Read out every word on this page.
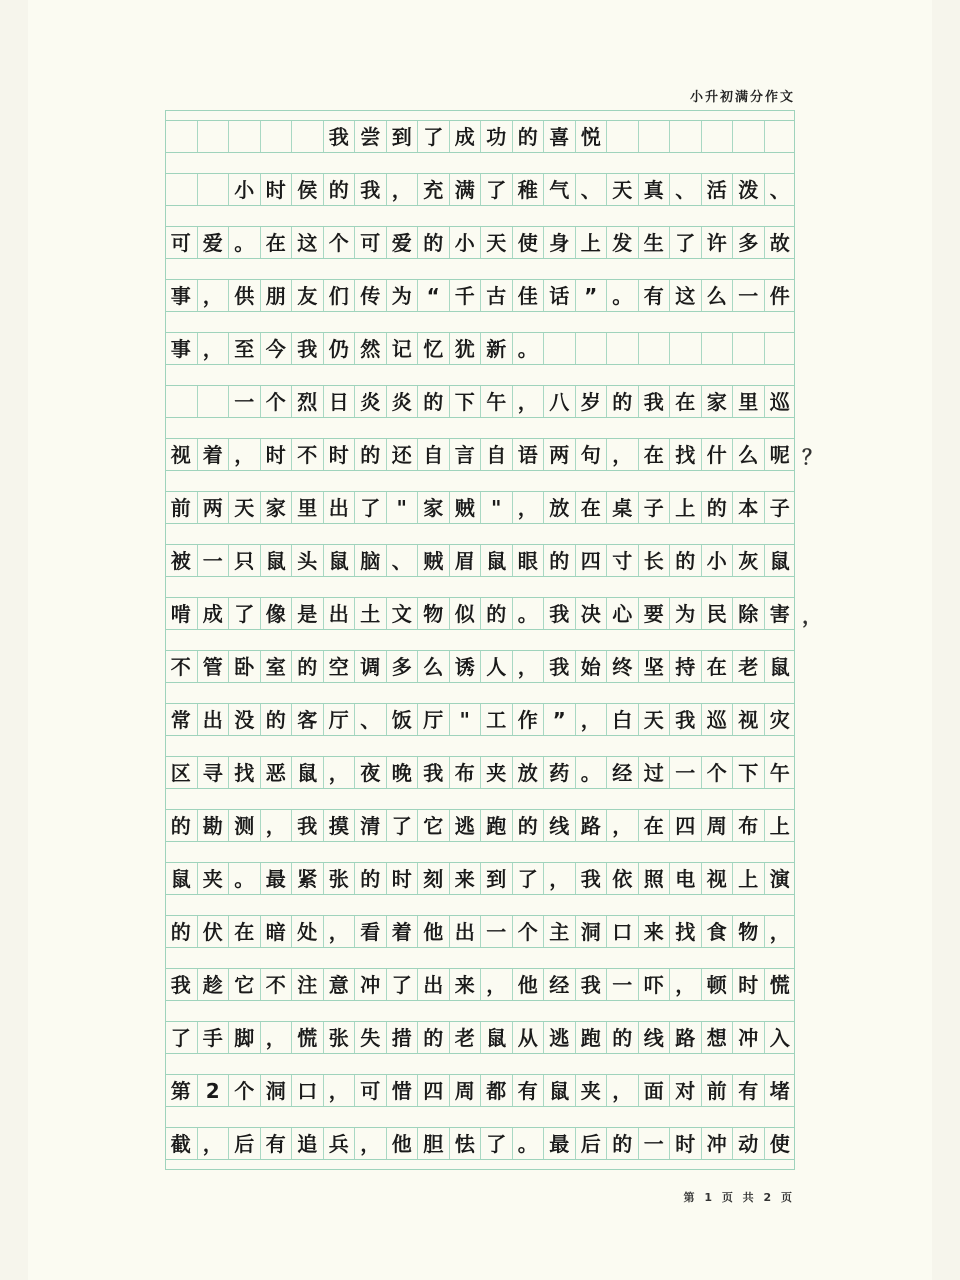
小升初满分作文
我 尝 到 了 成 功 的 喜 悦
小 时 侯 的 我 ， 充 满 了 稚 气 、 天 真 、 活 泼 、
可 爱 。 在 这 个 可 爱 的 小 天 使 身 上 发 生 了 许 多 故
事 ， 供 朋 友 们 传 为 “ 千 古 佳 话 ” 。 有 这 么 一 件
事 ， 至 今 我 仍 然 记 忆 犹 新 。
一 个 烈 日 炎 炎 的 下 午 ， 八 岁 的 我 在 家 里 巡
视 着 ， 时 不 时 的 还 自 言 自 语 两 句 ， 在 找 什 么 呢
前 两 天 家 里 出 了 " 家 贼 " ， 放 在 桌 子 上 的 本 子
被 一 只 鼠 头 鼠 脑 、 贼 眉 鼠 眼 的 四 寸 长 的 小 灰 鼠
啃 成 了 像 是 出 土 文 物 似 的 。 我 决 心 要 为 民 除 害
不 管 卧 室 的 空 调 多 么 诱 人 ， 我 始 终 坚 持 在 老 鼠
常 出 没 的 客 厅 、 饭 厅 " 工 作 ” ， 白 天 我 巡 视 灾
区 寻 找 恶 鼠 ， 夜 晚 我 布 夹 放 药 。 经 过 一 个 下 午
的 勘 测 ， 我 摸 清 了 它 逃 跑 的 线 路 ， 在 四 周 布 上
鼠 夹 。 最 紧 张 的 时 刻 来 到 了 ， 我 依 照 电 视 上 演
的 伏 在 暗 处 ， 看 着 他 出 一 个 主 洞 口 来 找 食 物 ，
我 趁 它 不 注 意 冲 了 出 来 ， 他 经 我 一 吓 ， 顿 时 慌
了 手 脚 ， 慌 张 失 措 的 老 鼠 从 逃 跑 的 线 路 想 冲 入
第 2 个 洞 口 ， 可 惜 四 周 都 有 鼠 夹 ， 面 对 前 有 堵
截 ， 后 有 追 兵 ， 他 胆 怯 了 。 最 后 的 一 时 冲 动 使
？
，
第 1 页 共 2 页
